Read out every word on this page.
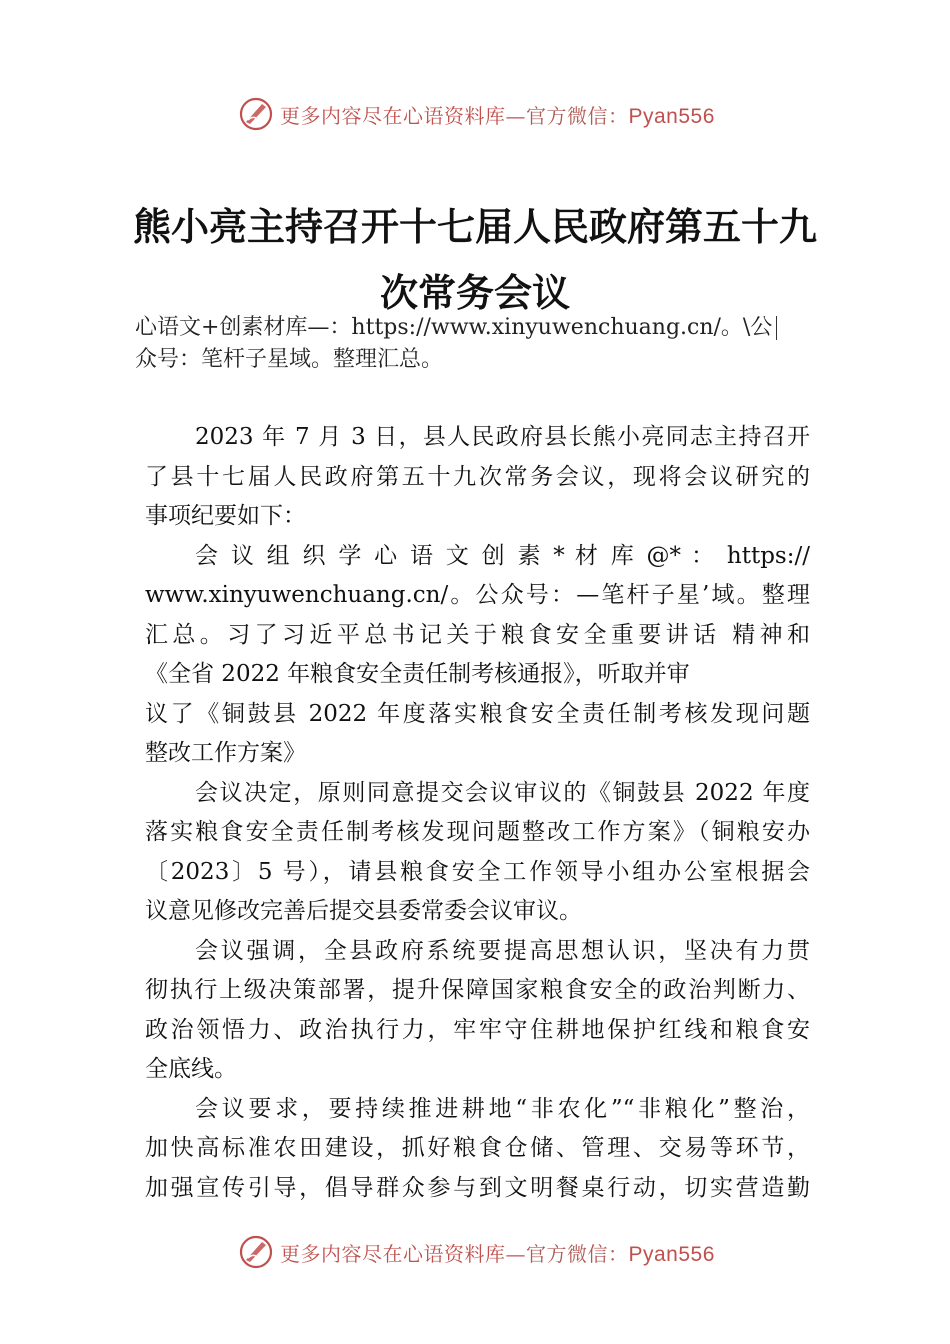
更多内容尽在心语资料库—官方微信：Pyan556
熊小亮主持召开十七届人民政府第五十九
次常务会议
心语文+创素材库—：https://www.xinyuwenchuang.cn/。\公
众号：笔杆子星域。整理汇总。
2023 年 7 月 3 日，县人民政府县长熊小亮同志主持召开
了县十七届人民政府第五十九次常务会议，现将会议研究的
事项纪要如下：
会 议 组 织 学 心 语 文 创 素 * 材 库 @* ： https://
www.xinyuwenchuang.cn/。公众号：—笔杆子星’域。整理
汇总。习了习近平总书记关于粮食安全重要讲话 精神和
《全省 2022 年粮食安全责任制考核通报》，听取并审
议了《铜鼓县 2022 年度落实粮食安全责任制考核发现问题
整改工作方案》
会议决定，原则同意提交会议审议的《铜鼓县 2022 年度
落实粮食安全责任制考核发现问题整改工作方案》（铜粮安办
〔2023〕5 号），请县粮食安全工作领导小组办公室根据会
议意见修改完善后提交县委常委会议审议。
会议强调，全县政府系统要提高思想认识，坚决有力贯
彻执行上级决策部署，提升保障国家粮食安全的政治判断力、
政治领悟力、政治执行力，牢牢守住耕地保护红线和粮食安
全底线。
会议要求，要持续推进耕地“非农化”“非粮化”整治，
加快高标准农田建设，抓好粮食仓储、管理、交易等环节，
加强宣传引导，倡导群众参与到文明餐桌行动，切实营造勤
更多内容尽在心语资料库—官方微信：Pyan556
